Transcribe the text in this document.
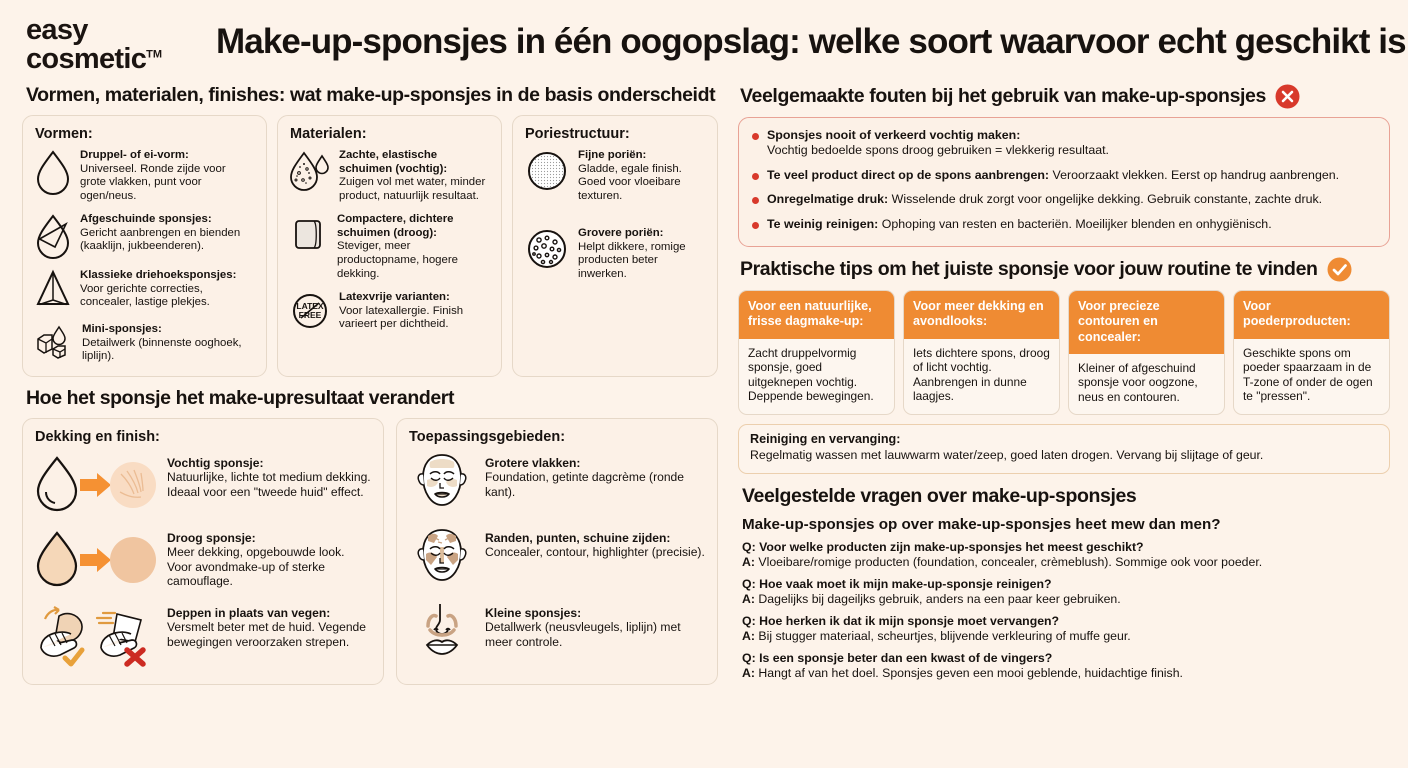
easy
cosmetic™	Make-up-sponsjes in één oogopslag: welke soort waarvoor echt geschikt is
Vormen, materialen, finishes: wat make-up-sponsjes in de basis onderscheidt
Vormen:
Druppel- of ei-vorm:
Universeel. Ronde zijde voor grote vlakken, punt voor ogen/neus.
Afgeschuinde sponsjes:
Gericht aanbrengen en bienden (kaaklijn, jukbeenderen).
Klassieke driehoeksponsjes:
Voor gerichte correcties, concealer, lastige plekjes.
Mini-sponsjes:
Detailwerk (binnenste ooghoek, liplijn).
Materialen:
Zachte, elastische schuimen (vochtig):
Zuigen vol met water, minder product, natuurlijk resultaat.
Compactere, dichtere schuimen (droog):
Steviger, meer productopname, hogere dekking.
LATEX
FREE
Latexvrije varianten:
Voor latexallergie. Finish varieert per dichtheid.
Poriestructuur:
Fijne poriën:
Gladde, egale finish. Goed voor vloeibare texturen.
Grovere poriën:
Helpt dikkere, romige producten beter inwerken.
Hoe het sponsje het make-upresultaat verandert
Dekking en finish:
Vochtig sponsje:
Natuurlijke, lichte tot medium dekking. Ideaal voor een "tweede huid" effect.
Droog sponsje:
Meer dekking, opgebouwde look. Voor avondmake-up of sterke camouflage.
Deppen in plaats van vegen:
Versmelt beter met de huid. Vegende bewegingen veroorzaken strepen.
Toepassingsgebieden:
Grotere vlakken:
Foundation, getinte dagcrème (ronde kant).
Randen, punten, schuine zijden:
Concealer, contour, highlighter (precisie).
Kleine sponsjes:
Detallwerk (neusvleugels, liplijn) met meer controle.
Veelgemaakte fouten bij het gebruik van make-up-sponsjes
Sponsjes nooit of verkeerd vochtig maken:
Vochtig bedoelde spons droog gebruiken = vlekkerig resultaat.
Te veel product direct op de spons aanbrengen: Veroorzaakt vlekken. Eerst op handrug aanbrengen.
Onregelmatige druk: Wisselende druk zorgt voor ongelijke dekking. Gebruik constante, zachte druk.
Te weinig reinigen: Ophoping van resten en bacteriën. Moeilijker blenden en onhygiënisch.
Praktische tips om het juiste sponsje voor jouw routine te vinden
Voor een natuurlijke, frisse dagmake-up:
Zacht druppelvormig sponsje, goed uitgeknepen vochtig. Deppende bewegingen.
Voor meer dekking en avondlooks:
Iets dichtere spons, droog of licht vochtig. Aanbrengen in dunne laagjes.
Voor precieze contouren en concealer:
Kleiner of afgeschuind sponsje voor oogzone, neus en contouren.
Voor poederproducten:
Geschikte spons om poeder spaarzaam in de T-zone of onder de ogen te "pressen".
Reiniging en vervanging:
Regelmatig wassen met lauwwarm water/zeep, goed laten drogen. Vervang bij slijtage of geur.
Veelgestelde vragen over make-up-sponsjes
Make-up-sponsjes op over make-up-sponsjes heet mew dan men?
Q: Voor welke producten zijn make-up-sponsjes het meest geschikt?
A: Vloeibare/romige producten (foundation, concealer, crèmeblush). Sommige ook voor poeder.
Q: Hoe vaak moet ik mijn make-up-sponsje reinigen?
A: Dagelijks bij dageiljks gebruik, anders na een paar keer gebruiken.
Q: Hoe herken ik dat ik mijn sponsje moet vervangen?
A: Bij stugger materiaal, scheurtjes, blijvende verkleuring of muffe geur.
Q: Is een sponsje beter dan een kwast of de vingers?
A: Hangt af van het doel. Sponsjes geven een mooi geblende, huidachtige finish.
